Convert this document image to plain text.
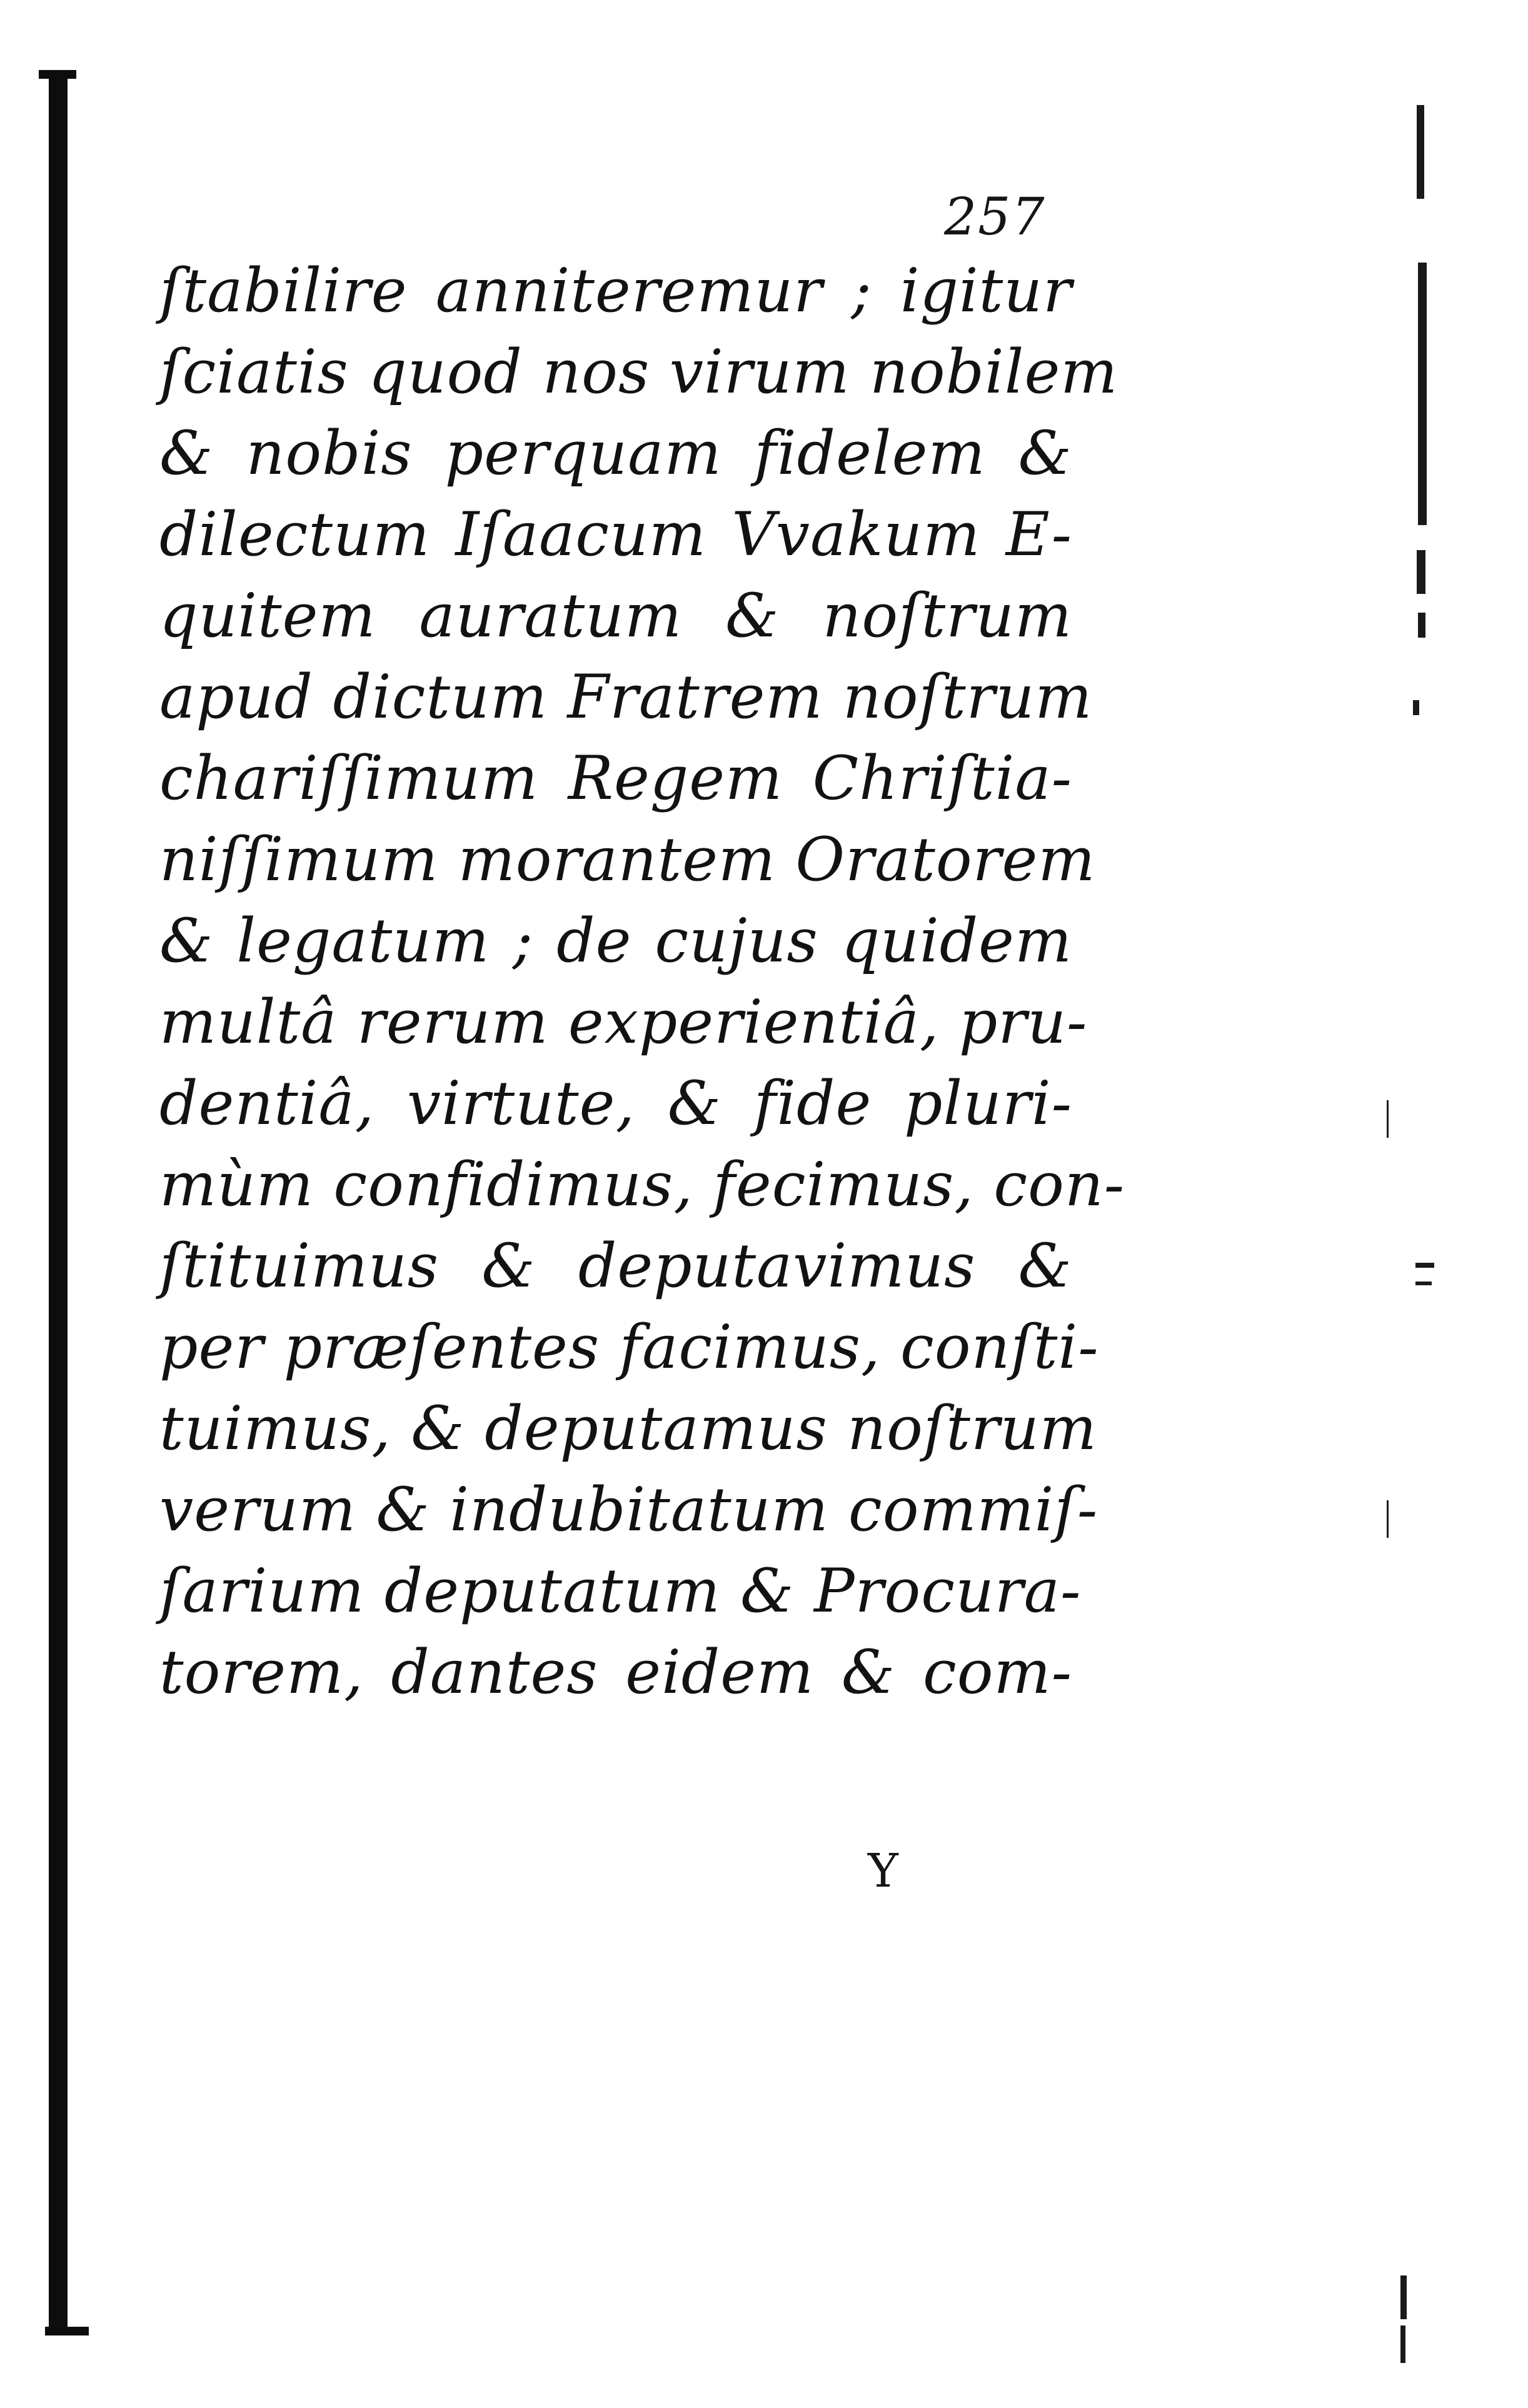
257
ſtabilire anniteremur ; igitur
ſciatis quod nos virum nobilem
& nobis perquam fidelem &
dilectum Iſaacum Vvakum E-
quitem auratum & noſtrum
apud dictum Fratrem noſtrum
chariſſimum Regem Chriſtia-
niſſimum morantem Oratorem
& legatum ; de cujus quidem
multâ rerum experientiâ, pru-
dentiâ, virtute, & fide pluri-
mùm confidimus, fecimus, con-
ſtituimus & deputavimus &
per præſentes facimus, conſti-
tuimus, & deputamus noſtrum
verum & indubitatum commiſ-
ſarium deputatum & Procura-
torem, dantes eidem & com-
Y
